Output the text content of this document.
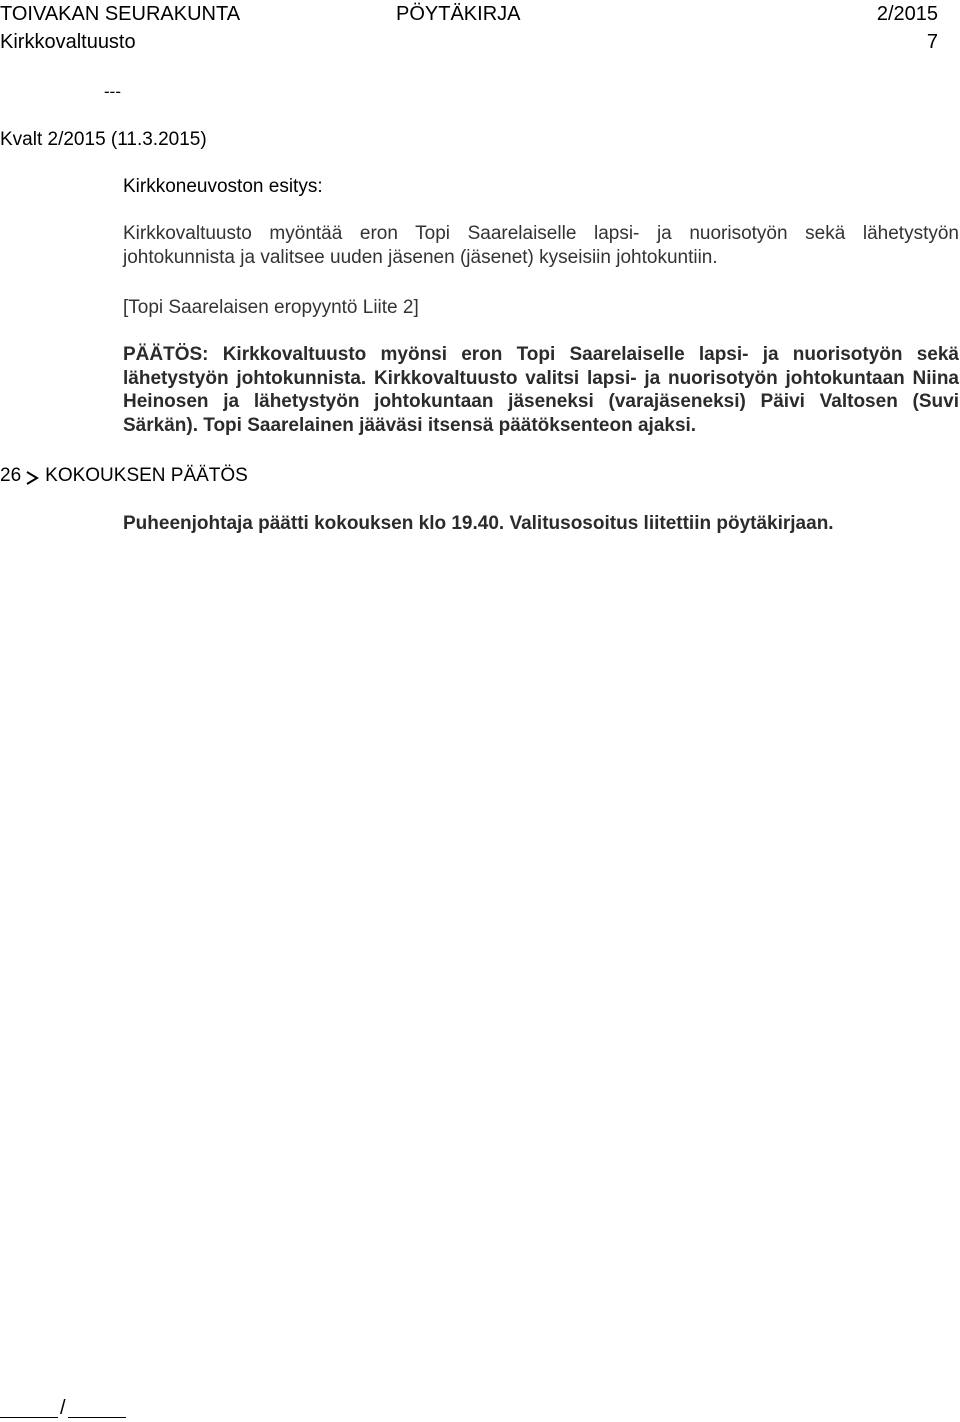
TOIVAKAN SEURAKUNTA	PÖYTÄKIRJA	2/2015
Kirkkovaltuusto	7
---
Kvalt 2/2015 (11.3.2015)
Kirkkoneuvoston esitys:
Kirkkovaltuusto myöntää eron Topi Saarelaiselle lapsi- ja nuorisotyön sekä lähetystyön johtokunnista ja valitsee uuden jäsenen (jäsenet) kyseisiin johtokuntiin.
[Topi Saarelaisen eropyyntö Liite 2]
PÄÄTÖS: Kirkkovaltuusto myönsi eron Topi Saarelaiselle lapsi- ja nuorisotyön sekä lähetystyön johtokunnista. Kirkkovaltuusto valitsi lapsi- ja nuorisotyön johtokuntaan Niina Heinosen ja lähetystyön johtokuntaan jäseneksi (varajäseneksi) Päivi Valtosen (Suvi Särkän). Topi Saarelainen jääväsi itsensä päätöksenteon ajaksi.
26 KOKOUKSEN PÄÄTÖS
Puheenjohtaja päätti kokouksen klo 19.40. Valitusosoitus liitettiin pöytäkirjaan.
/
